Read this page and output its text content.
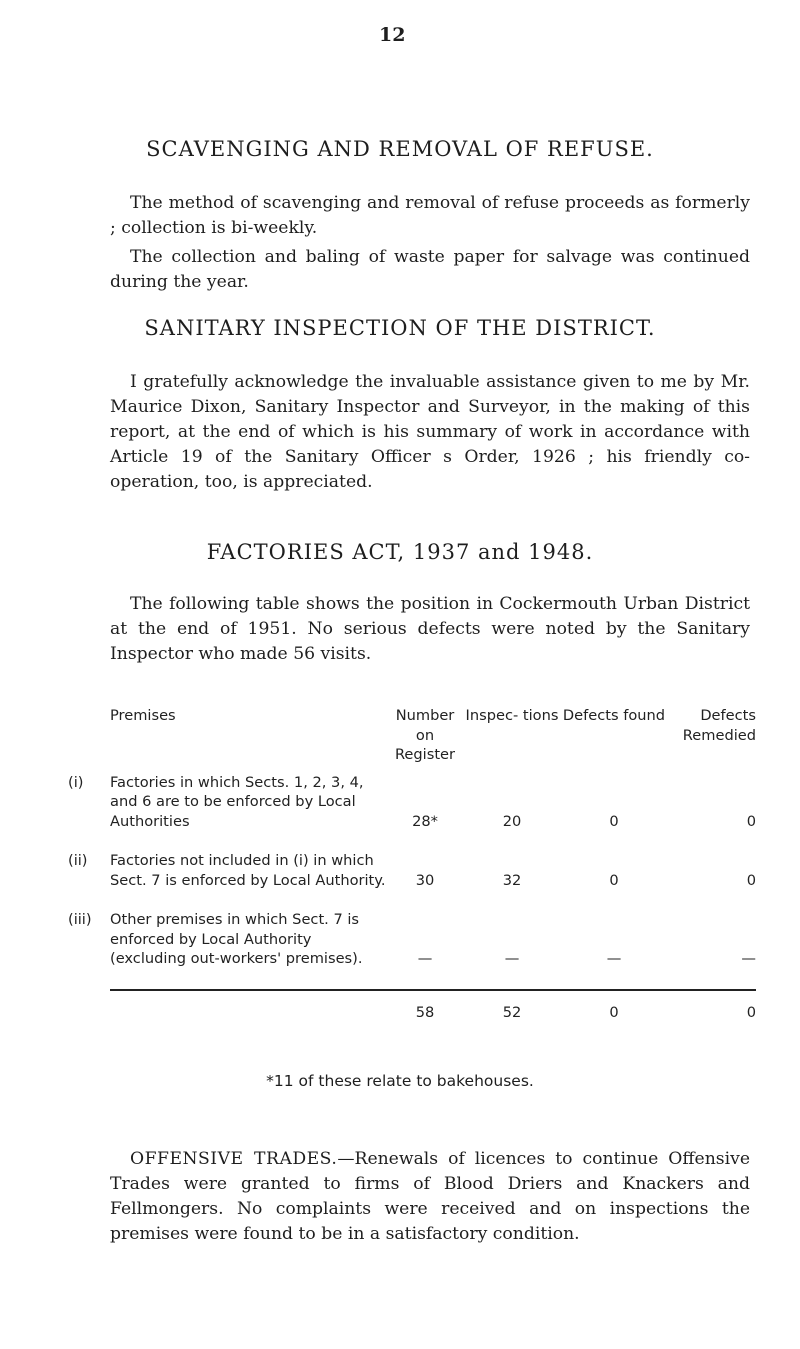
12
SCAVENGING AND REMOVAL OF REFUSE.

The method of scavenging and removal of refuse proceeds as formerly ; collection is bi-weekly.

The collection and baling of waste paper for salvage was continued during the year.

SANITARY INSPECTION OF THE DISTRICT.

I gratefully acknowledge the invaluable assistance given to me by Mr. Maurice Dixon, Sanitary Inspector and Surveyor, in the making of this report, at the end of which is his summary of work in accordance with Article 19 of the Sanitary Officer s Order, 1926 ; his friendly co-operation, too, is appreciated.

FACTORIES ACT, 1937 and 1948.

The following table shows the position in Cockermouth Urban District at the end of 1951. No serious defects were noted by the Sanitary Inspector who made 56 visits.

Premises	Number on Register	Inspec- tions	Defects found	Defects Remedied
(i) Factories in which Sects. 1, 2, 3, 4, and 6 are to be enforced by Local Authorities	28*	20	0	0

(ii) Factories not included in (i) in which Sect. 7 is enforced by Local Authority.	30	32	0	0

(iii) Other premises in which Sect. 7 is enforced by Local Authority (excluding out-workers' premises).	—	—	—	—

	58	52	0	0
*11 of these relate to bakehouses.

OFFENSIVE TRADES.—Renewals of licences to continue Offensive Trades were granted to firms of Blood Driers and Knackers and Fellmongers. No complaints were received and on inspections the premises were found to be in a satisfactory condition.
